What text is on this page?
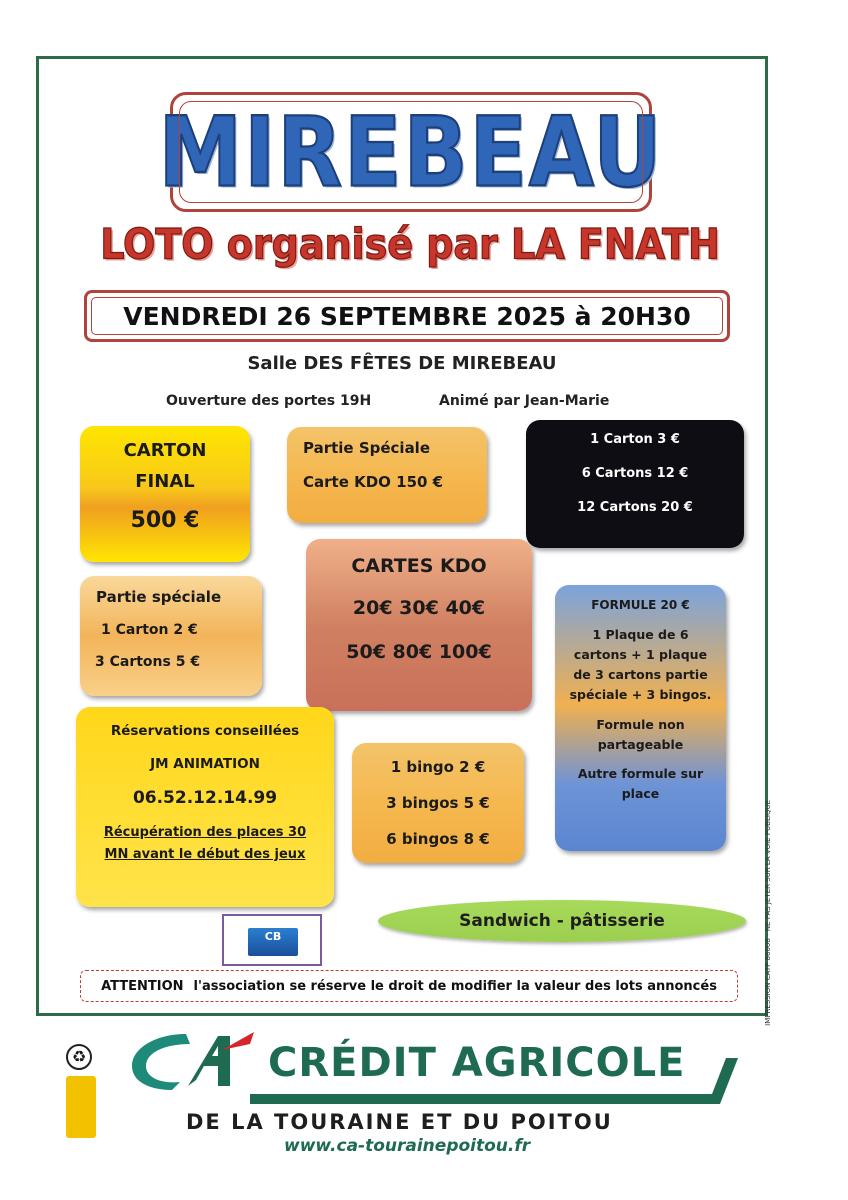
MIREBEAU
LOTO organisé par LA FNATH
VENDREDI 26 SEPTEMBRE 2025 à 20H30
Salle DES FÊTES DE MIREBEAU
Ouverture des portes 19H	Animé par Jean-Marie
CARTON
FINAL
500 €
Partie Spéciale
Carte KDO 150 €
1 Carton 3 €
6 Cartons 12 €
12 Cartons 20 €
CARTES KDO
20€ 30€ 40€
50€ 80€ 100€
Partie spéciale
1 Carton 2 €
3 Cartons 5 €
FORMULE 20 €
1 Plaque de 6 cartons + 1 plaque de 3 cartons partie spéciale + 3 bingos.
Formule non partageable
Autre formule sur place
Réservations conseillées
JM ANIMATION
06.52.12.14.99
Récupération des places 30 MN avant le début des jeux
1 bingo 2 €
3 bingos 5 €
6 bingos 8 €
Sandwich - pâtisserie
CB
ATTENTION l'association se réserve le droit de modifier la valeur des lots annoncés	IMPRESSION CATP 86008 - NE PAS JETER SUR LA VOIE PUBLIQUE
♻	CRÉDIT AGRICOLE
DE LA TOURAINE ET DU POITOU
www.ca-tourainepoitou.fr
